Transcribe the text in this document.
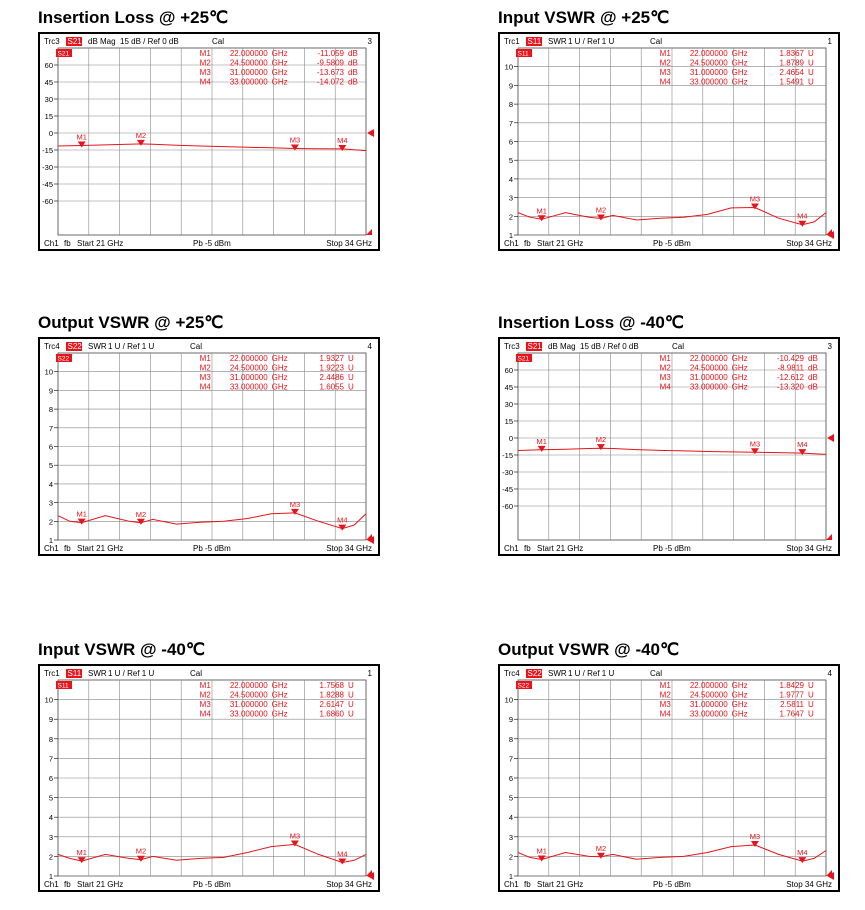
Insertion Loss @ +25℃
Trc3 S21 dB Mag 15 dB / Ref 0 dB	Cal	3
60
45
30
15
0
-15
-30
-45
-60
S21	M1 22.000000 GHz	-11.059 dB
M2 24.500000 GHz	-9.5809 dB
M3 31.000000 GHz	-13.673 dB
M4 33.000000 GHz	-14.072 dB
M1	M2
M3	M4
Ch1 fb Start 21 GHz	Pb -5 dBm	Stop 34 GHz
Input VSWR @ +25℃
Trc1 S11 SWR 1 U / Ref 1 U	Cal	1
10
9
8
7
6
5
4
3
2
1
S11	M1 22.000000 GHz	1.8367 U
M2 24.500000 GHz	1.8789 U
M3 31.000000 GHz	2.4654 U
M4 33.000000 GHz	1.5491 U
M1	M2
M3
M4
Ch1 fb Start 21 GHz	Pb -5 dBm	Stop 34 GHz
Output VSWR @ +25℃
Trc4 S22 SWR 1 U / Ref 1 U	Cal	4
10
9
8
7
6
5
4
3
2
1
S22	M1 22.000000 GHz	1.9327 U
M2 24.500000 GHz	1.9223 U
M3 31.000000 GHz	2.4486 U
M4 33.000000 GHz	1.6055 U
M1	M2
M3
M4
Ch1 fb Start 21 GHz	Pb -5 dBm	Stop 34 GHz
Insertion Loss @ -40℃
Trc3 S21 dB Mag 15 dB / Ref 0 dB	Cal	3
60
45
30
15
0
-15
-30
-45
-60
S21	M1 22.000000 GHz	-10.429 dB
M2 24.500000 GHz	-8.9811 dB
M3 31.000000 GHz	-12.612 dB
M4 33.000000 GHz	-13.320 dB
M1	M2	M3	M4
Ch1 fb Start 21 GHz	Pb -5 dBm	Stop 34 GHz
Input VSWR @ -40℃
Trc1 S11 SWR 1 U / Ref 1 U	Cal	1
10
9
8
7
6
5
4
3
2
1
S11	M1 22.000000 GHz	1.7568 U
M2 24.500000 GHz	1.8288 U
M3 31.000000 GHz	2.6147 U
M4 33.000000 GHz	1.6860 U
M1	M2
M3
M4
Ch1 fb Start 21 GHz	Pb -5 dBm	Stop 34 GHz
Output VSWR @ -40℃
Trc4 S22 SWR 1 U / Ref 1 U	Cal	4
10
9
8
7
6
5
4
3
2
1
S22	M1 22.000000 GHz	1.8429 U
M2 24.500000 GHz	1.9777 U
M3 31.000000 GHz	2.5811 U
M4 33.000000 GHz	1.7647 U
M1	M2
M3
M4
Ch1 fb Start 21 GHz	Pb -5 dBm	Stop 34 GHz
